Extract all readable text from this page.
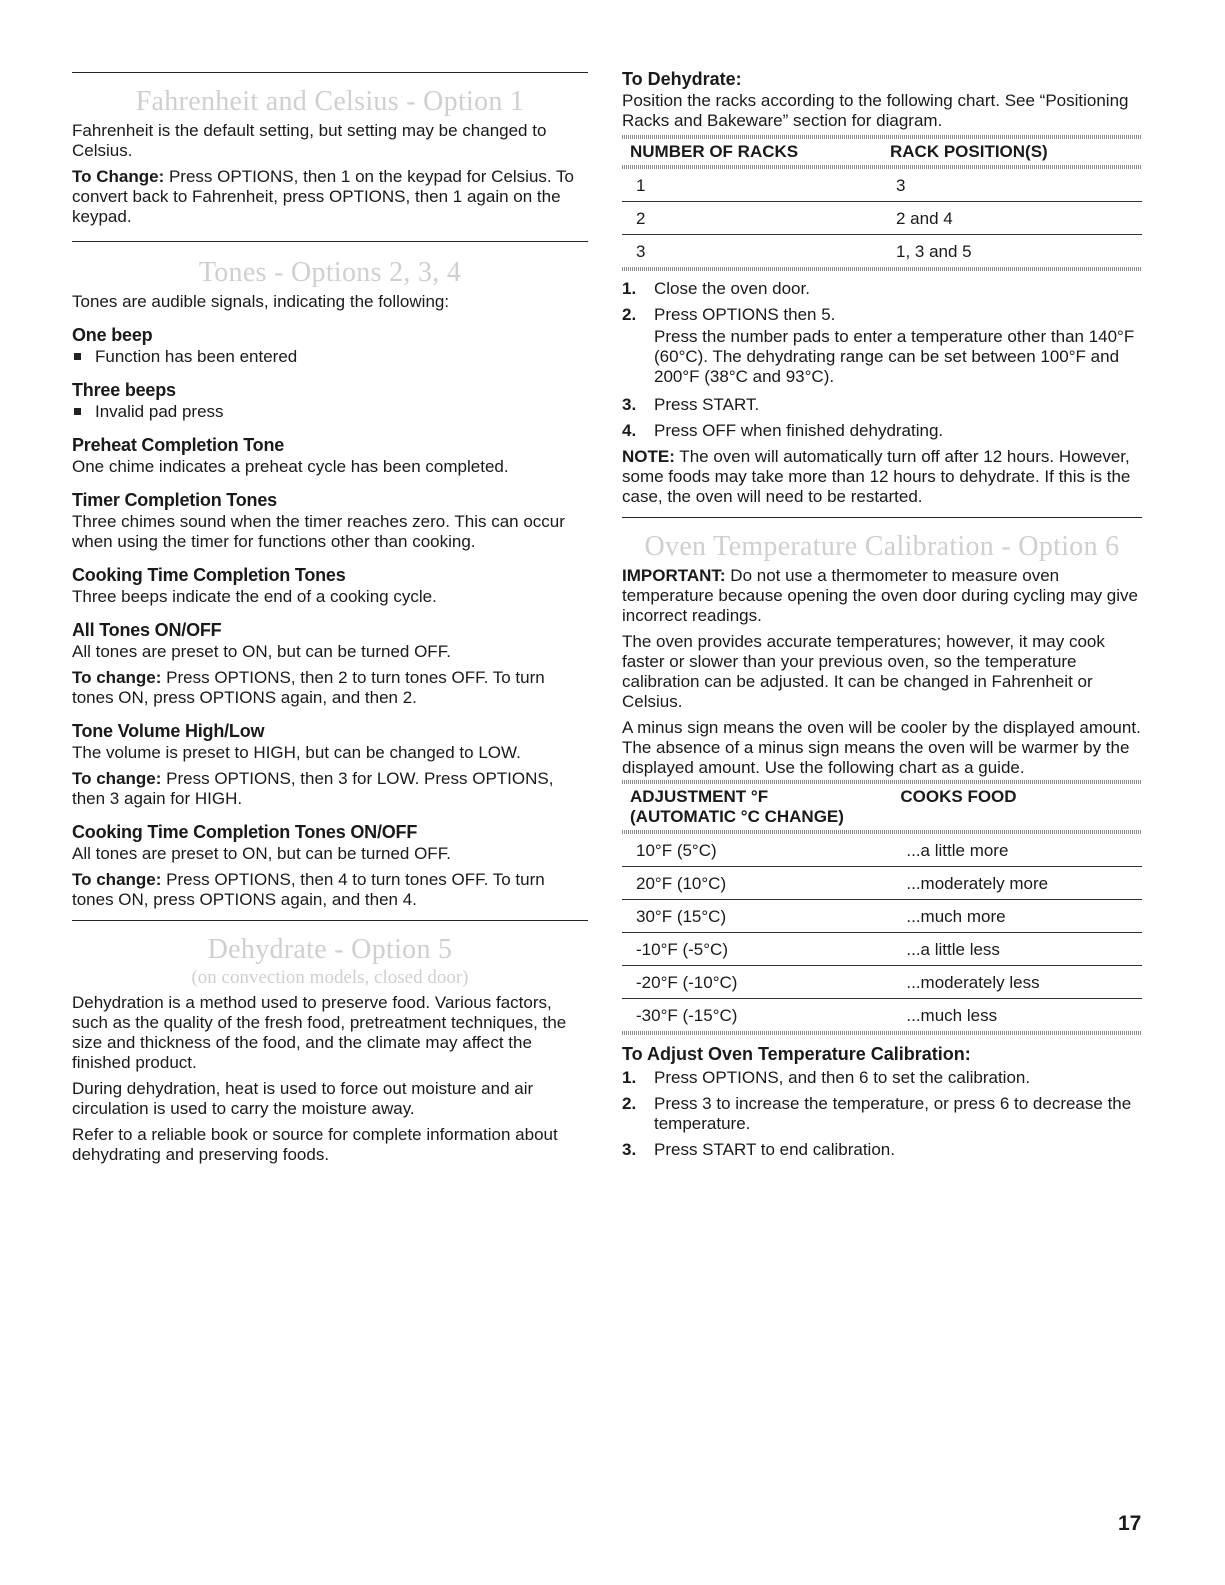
Fahrenheit and Celsius - Option 1

Fahrenheit is the default setting, but setting may be changed to Celsius.

To Change: Press OPTIONS, then 1 on the keypad for Celsius. To convert back to Fahrenheit, press OPTIONS, then 1 again on the keypad.

Tones - Options 2, 3, 4

Tones are audible signals, indicating the following:

One beep
Function has been entered
Three beeps
Invalid pad press
Preheat Completion Tone

One chime indicates a preheat cycle has been completed.

Timer Completion Tones

Three chimes sound when the timer reaches zero. This can occur when using the timer for functions other than cooking.

Cooking Time Completion Tones

Three beeps indicate the end of a cooking cycle.

All Tones ON/OFF

All tones are preset to ON, but can be turned OFF.

To change: Press OPTIONS, then 2 to turn tones OFF. To turn tones ON, press OPTIONS again, and then 2.

Tone Volume High/Low

The volume is preset to HIGH, but can be changed to LOW.

To change: Press OPTIONS, then 3 for LOW. Press OPTIONS, then 3 again for HIGH.

Cooking Time Completion Tones ON/OFF

All tones are preset to ON, but can be turned OFF.

To change: Press OPTIONS, then 4 to turn tones OFF. To turn tones ON, press OPTIONS again, and then 4.

Dehydrate - Option 5
(on convection models, closed door)

Dehydration is a method used to preserve food. Various factors, such as the quality of the fresh food, pretreatment techniques, the size and thickness of the food, and the climate may affect the finished product.

During dehydration, heat is used to force out moisture and air circulation is used to carry the moisture away.

Refer to a reliable book or source for complete information about dehydrating and preserving foods.

To Dehydrate:

Position the racks according to the following chart. See “Positioning Racks and Bakeware” section for diagram.

NUMBER OF RACKS	RACK POSITION(S)
1	3
2	2 and 4
3	1, 3 and 5
1.	Close the oven door.
2.	Press OPTIONS then 5.

Press the number pads to enter a temperature other than 140°F (60°C). The dehydrating range can be set between 100°F and 200°F (38°C and 93°C).

3.	Press START.
4.	Press OFF when finished dehydrating.

NOTE: The oven will automatically turn off after 12 hours. However, some foods may take more than 12 hours to dehydrate. If this is the case, the oven will need to be restarted.

Oven Temperature Calibration - Option 6

IMPORTANT: Do not use a thermometer to measure oven temperature because opening the oven door during cycling may give incorrect readings.

The oven provides accurate temperatures; however, it may cook faster or slower than your previous oven, so the temperature calibration can be adjusted. It can be changed in Fahrenheit or Celsius.

A minus sign means the oven will be cooler by the displayed amount. The absence of a minus sign means the oven will be warmer by the displayed amount. Use the following chart as a guide.

ADJUSTMENT °F
(AUTOMATIC °C CHANGE)
	COOKS FOOD
10°F (5°C)	...a little more
20°F (10°C)	...moderately more
30°F (15°C)	...much more
-10°F (-5°C)	...a little less
-20°F (-10°C)	...moderately less
-30°F (-15°C)	...much less
To Adjust Oven Temperature Calibration:
1.	Press OPTIONS, and then 6 to set the calibration.
2.	Press 3 to increase the temperature, or press 6 to decrease the temperature.
3.	Press START to end calibration.
17
